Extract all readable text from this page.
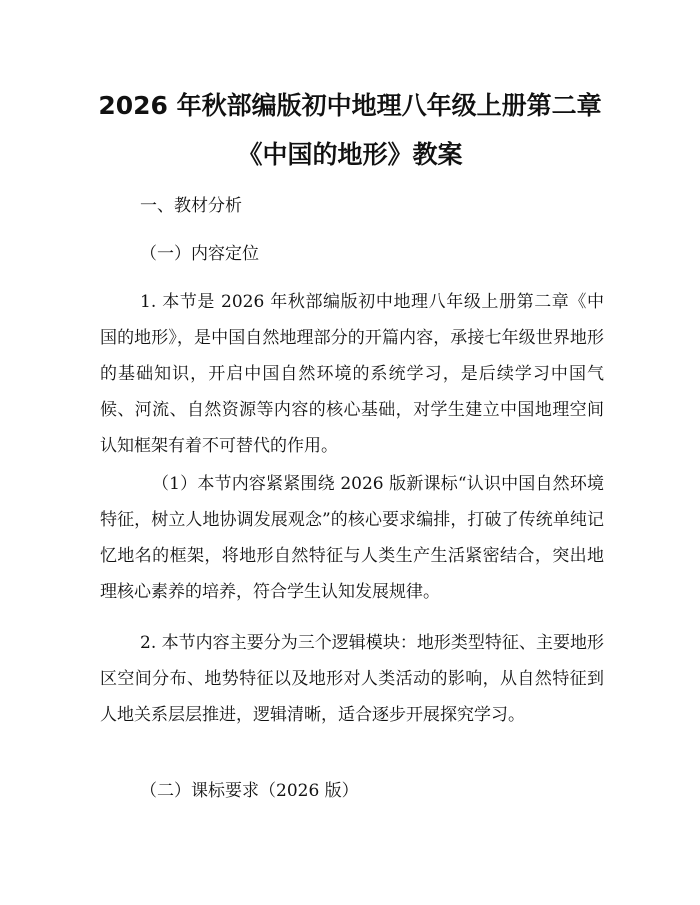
2026 年秋部编版初中地理八年级上册第二章
《中国的地形》教案
一、教材分析
（一）内容定位
1. 本节是 2026 年秋部编版初中地理八年级上册第二章《中国的地形》，是中国自然地理部分的开篇内容，承接七年级世界地形的基础知识，开启中国自然环境的系统学习，是后续学习中国气候、河流、自然资源等内容的核心基础，对学生建立中国地理空间认知框架有着不可替代的作用。
（1）本节内容紧紧围绕 2026 版新课标“认识中国自然环境特征，树立人地协调发展观念”的核心要求编排，打破了传统单纯记忆地名的框架，将地形自然特征与人类生产生活紧密结合，突出地理核心素养的培养，符合学生认知发展规律。
2. 本节内容主要分为三个逻辑模块：地形类型特征、主要地形区空间分布、地势特征以及地形对人类活动的影响，从自然特征到人地关系层层推进，逻辑清晰，适合逐步开展探究学习。
（二）课标要求（2026 版）
